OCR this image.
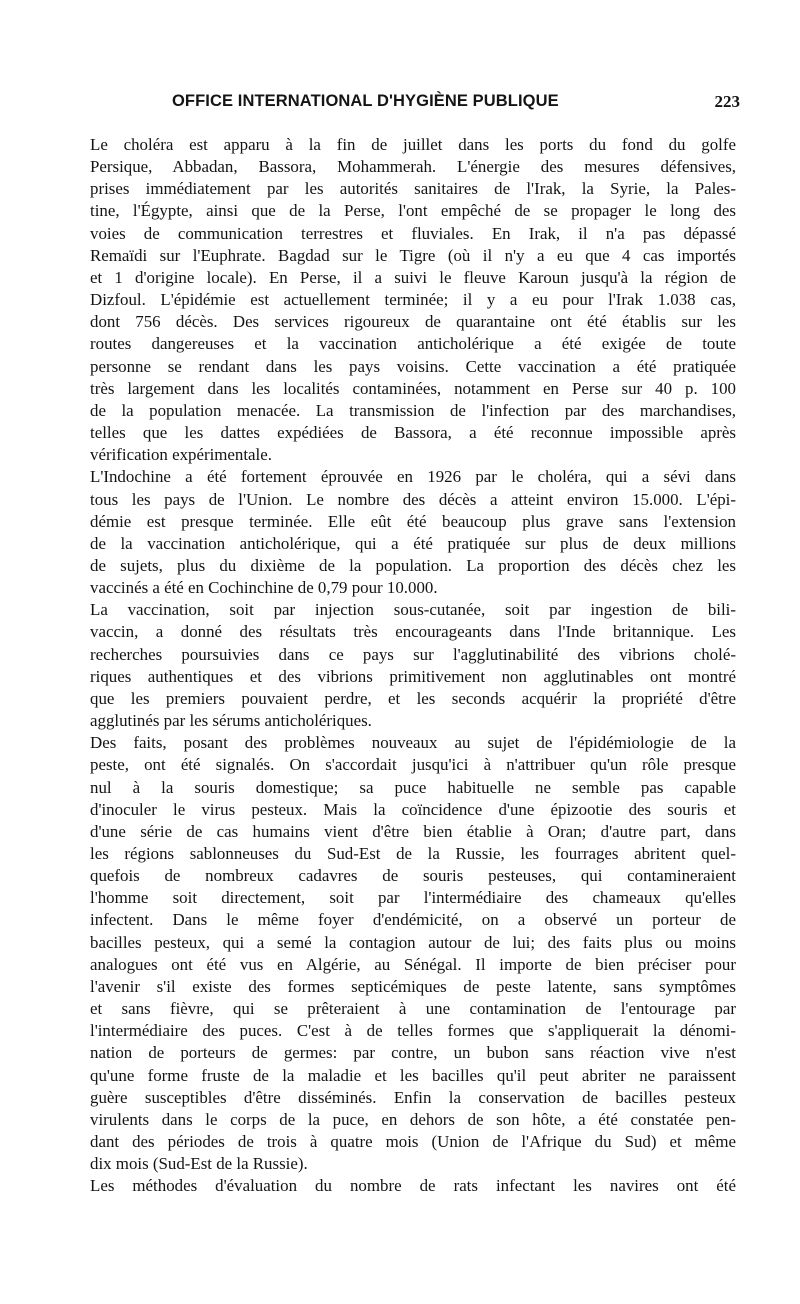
OFFICE INTERNATIONAL D'HYGIÈNE PUBLIQUE	223

Le choléra est apparu à la fin de juillet dans les ports du fond du golfe
Persique, Abbadan, Bassora, Mohammerah. L'énergie des mesures défensives,
prises immédiatement par les autorités sanitaires de l'Irak, la Syrie, la Pales-
tine, l'Égypte, ainsi que de la Perse, l'ont empêché de se propager le long des
voies de communication terrestres et fluviales. En Irak, il n'a pas dépassé
Remaïdi sur l'Euphrate. Bagdad sur le Tigre (où il n'y a eu que 4 cas importés
et 1 d'origine locale). En Perse, il a suivi le fleuve Karoun jusqu'à la région de
Dizfoul. L'épidémie est actuellement terminée; il y a eu pour l'Irak 1.038 cas,
dont 756 décès. Des services rigoureux de quarantaine ont été établis sur les
routes dangereuses et la vaccination anticholérique a été exigée de toute
personne se rendant dans les pays voisins. Cette vaccination a été pratiquée
très largement dans les localités contaminées, notamment en Perse sur 40 p. 100
de la population menacée. La transmission de l'infection par des marchandises,
telles que les dattes expédiées de Bassora, a été reconnue impossible après
vérification expérimentale.

L'Indochine a été fortement éprouvée en 1926 par le choléra, qui a sévi dans
tous les pays de l'Union. Le nombre des décès a atteint environ 15.000. L'épi-
démie est presque terminée. Elle eût été beaucoup plus grave sans l'extension
de la vaccination anticholérique, qui a été pratiquée sur plus de deux millions
de sujets, plus du dixième de la population. La proportion des décès chez les
vaccinés a été en Cochinchine de 0,79 pour 10.000.

La vaccination, soit par injection sous-cutanée, soit par ingestion de bili-
vaccin, a donné des résultats très encourageants dans l'Inde britannique. Les
recherches poursuivies dans ce pays sur l'agglutinabilité des vibrions cholé-
riques authentiques et des vibrions primitivement non agglutinables ont montré
que les premiers pouvaient perdre, et les seconds acquérir la propriété d'être
agglutinés par les sérums anticholériques.

Des faits, posant des problèmes nouveaux au sujet de l'épidémiologie de la
peste, ont été signalés. On s'accordait jusqu'ici à n'attribuer qu'un rôle presque
nul à la souris domestique; sa puce habituelle ne semble pas capable
d'inoculer le virus pesteux. Mais la coïncidence d'une épizootie des souris et
d'une série de cas humains vient d'être bien établie à Oran; d'autre part, dans
les régions sablonneuses du Sud-Est de la Russie, les fourrages abritent quel-
quefois de nombreux cadavres de souris pesteuses, qui contamineraient
l'homme soit directement, soit par l'intermédiaire des chameaux qu'elles
infectent. Dans le même foyer d'endémicité, on a observé un porteur de
bacilles pesteux, qui a semé la contagion autour de lui; des faits plus ou moins
analogues ont été vus en Algérie, au Sénégal. Il importe de bien préciser pour
l'avenir s'il existe des formes septicémiques de peste latente, sans symptômes
et sans fièvre, qui se prêteraient à une contamination de l'entourage par
l'intermédiaire des puces. C'est à de telles formes que s'appliquerait la dénomi-
nation de porteurs de germes: par contre, un bubon sans réaction vive n'est
qu'une forme fruste de la maladie et les bacilles qu'il peut abriter ne paraissent
guère susceptibles d'être disséminés. Enfin la conservation de bacilles pesteux
virulents dans le corps de la puce, en dehors de son hôte, a été constatée pen-
dant des périodes de trois à quatre mois (Union de l'Afrique du Sud) et même
dix mois (Sud-Est de la Russie).

Les méthodes d'évaluation du nombre de rats infectant les navires ont été
